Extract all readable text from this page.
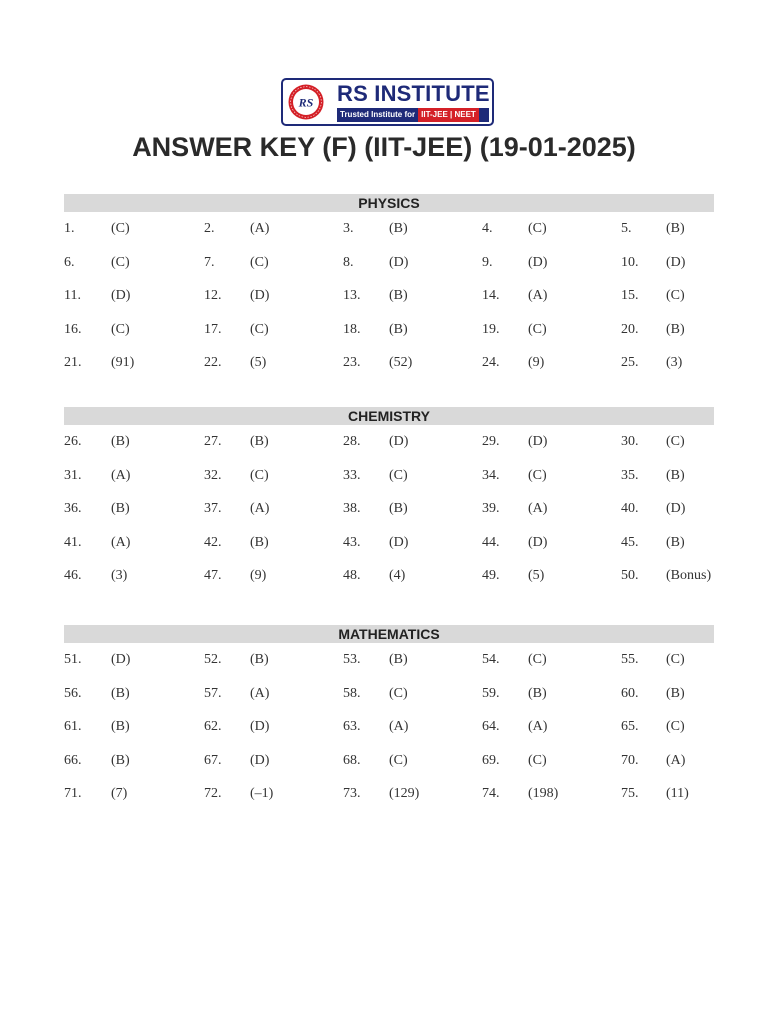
RS RS INSTITUTE
Trusted Institute for IIT-JEE | NEET
ANSWER KEY (F) (IIT-JEE) (19-01-2025)
PHYSICS
1.	(C)	2.	(A)	3.	(B)	4.	(C)	5. (B)
6.	(C)	7.	(C)	8.	(D)	9.	(D)	10. (D)
11. (D)	12. (D)	13. (B)	14. (A)	15. (C)
16. (C)	17. (C)	18. (B)	19. (C)	20. (B)
21. (91)	22. (5)	23. (52)	24. (9)	25. (3)
CHEMISTRY
26. (B)	27. (B)	28. (D)	29. (D)	30. (C)
31. (A)	32. (C)	33. (C)	34. (C)	35. (B)
36. (B)	37. (A)	38. (B)	39. (A)	40. (D)
41. (A)	42. (B)	43. (D)	44. (D)	45. (B)
46. (3)	47. (9)	48. (4)	49. (5)	50. (Bonus)
MATHEMATICS
51. (D)	52. (B)	53. (B)	54. (C)	55. (C)
56. (B)	57. (A)	58. (C)	59. (B)	60. (B)
61. (B)	62. (D)	63. (A)	64. (A)	65. (C)
66. (B)	67. (D)	68. (C)	69. (C)	70. (A)
71. (7)	72. (–1)	73. (129)	74. (198)	75. (11)
